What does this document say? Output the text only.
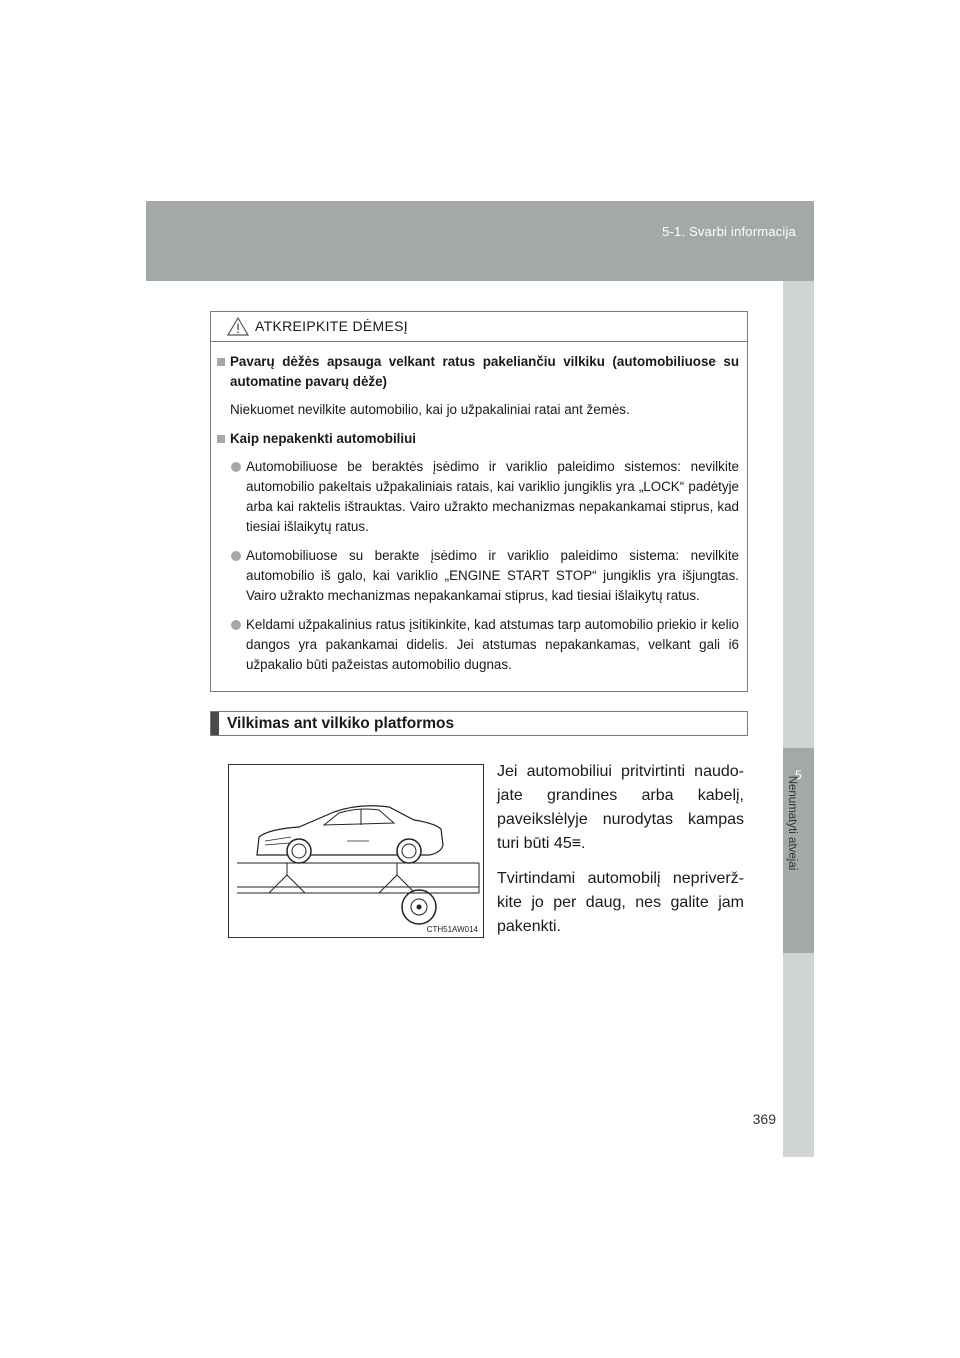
5-1. Svarbi informacija
5
Nenumatyti atvejai
ATKREIPKITE DĖMESĮ
Pavarų dėžės apsauga velkant ratus pakeliančiu vilkiku (automobiliuose su automatine pavarų dėže)
Niekuomet nevilkite automobilio, kai jo užpakaliniai ratai ant žemės.
Kaip nepakenkti automobiliui
Automobiliuose be beraktės įsėdimo ir variklio paleidimo sistemos: nevilkite automobilio pakeltais užpakaliniais ratais, kai variklio jungiklis yra „LOCK“ padėtyje arba kai raktelis ištrauktas. Vairo užrakto mechanizmas nepakankamai stiprus, kad tiesiai išlaikytų ratus.
Automobiliuose su berakte įsėdimo ir variklio paleidimo sistema: nevilkite automobilio iš galo, kai variklio „ENGINE START STOP“ jungiklis yra išjungtas. Vairo užrakto mechanizmas nepakankamai stiprus, kad tiesiai išlaikytų ratus.
Keldami užpakalinius ratus įsitikinkite, kad atstumas tarp automobilio priekio ir kelio dangos yra pakankamai didelis. Jei atstumas nepakankamas, velkant gali i6 užpakalio būti pažeistas automobilio dugnas.
Vilkimas ant vilkiko platformos
CTH51AW014

Jei automobiliui pritvirtinti naudojate grandines arba kabelį, paveikslėlyje nurodytas kampas turi būti 45≡.

Tvirtindami automobilį nepriveržkite jo per daug, nes galite jam pakenkti.

369
